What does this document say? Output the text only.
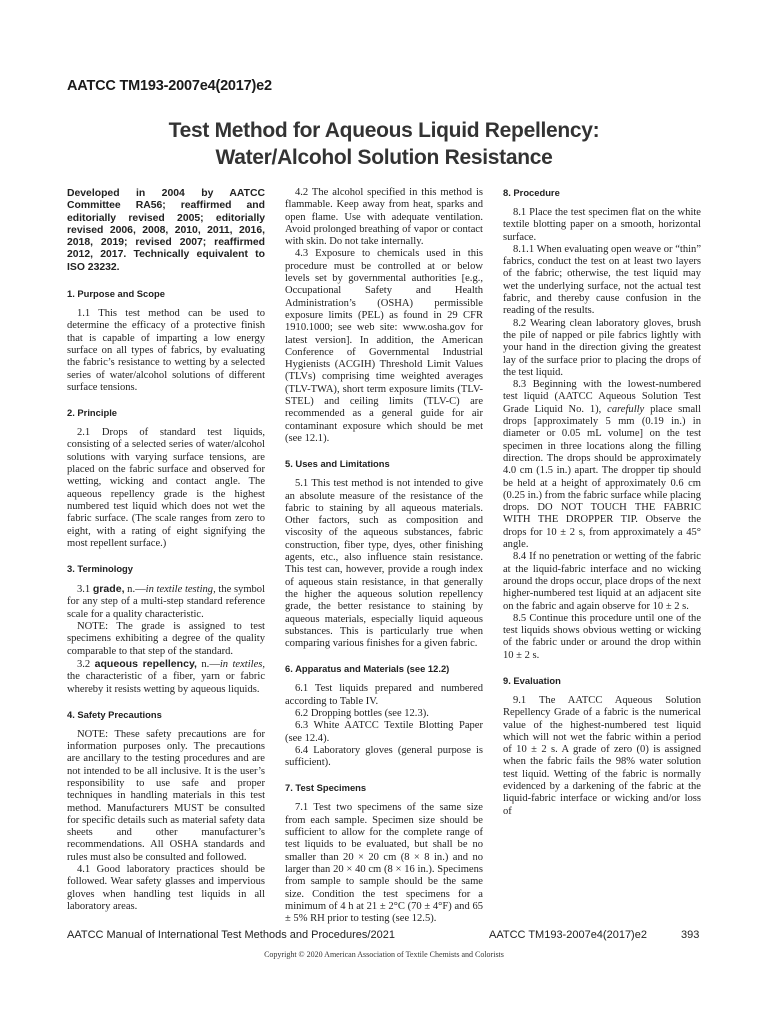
AATCC TM193-2007e4(2017)e2
Test Method for Aqueous Liquid Repellency:
Water/Alcohol Solution Resistance
Developed in 2004 by AATCC Committee RA56; reaffirmed and editorially revised 2005; editorially revised 2006, 2008, 2010, 2011, 2016, 2018, 2019; revised 2007; reaffirmed 2012, 2017. Technically equivalent to ISO 23232.
1. Purpose and Scope

1.1 This test method can be used to determine the efficacy of a protective finish that is capable of imparting a low energy surface on all types of fabrics, by evaluating the fabric’s resistance to wetting by a selected series of water/alcohol solutions of different surface tensions.

2. Principle

2.1 Drops of standard test liquids, consisting of a selected series of water/alcohol solutions with varying surface tensions, are placed on the fabric surface and observed for wetting, wicking and contact angle. The aqueous repellency grade is the highest numbered test liquid which does not wet the fabric surface. (The scale ranges from zero to eight, with a rating of eight signifying the most repellent surface.)

3. Terminology

3.1 grade, n.—in textile testing, the symbol for any step of a multi-step standard reference scale for a quality characteristic.

NOTE: The grade is assigned to test specimens exhibiting a degree of the quality comparable to that step of the standard.

3.2 aqueous repellency, n.—in textiles, the characteristic of a fiber, yarn or fabric whereby it resists wetting by aqueous liquids.

4. Safety Precautions

NOTE: These safety precautions are for information purposes only. The precautions are ancillary to the testing procedures and are not intended to be all inclusive. It is the user’s responsibility to use safe and proper techniques in handling materials in this test method. Manufacturers MUST be consulted for specific details such as material safety data sheets and other manufacturer’s recommendations. All OSHA standards and rules must also be consulted and followed.

4.1 Good laboratory practices should be followed. Wear safety glasses and impervious gloves when handling test liquids in all laboratory areas.

4.2 The alcohol specified in this method is flammable. Keep away from heat, sparks and open flame. Use with adequate ventilation. Avoid prolonged breathing of vapor or contact with skin. Do not take internally.

4.3 Exposure to chemicals used in this procedure must be controlled at or below levels set by governmental authorities [e.g., Occupational Safety and Health Administration’s (OSHA) permissible exposure limits (PEL) as found in 29 CFR 1910.1000; see web site: www.osha.gov for latest version]. In addition, the American Conference of Governmental Industrial Hygienists (ACGIH) Threshold Limit Values (TLVs) comprising time weighted averages (TLV-TWA), short term exposure limits (TLV-STEL) and ceiling limits (TLV-C) are recommended as a general guide for air contaminant exposure which should be met (see 12.1).

5. Uses and Limitations

5.1 This test method is not intended to give an absolute measure of the resistance of the fabric to staining by all aqueous materials. Other factors, such as composition and viscosity of the aqueous substances, fabric construction, fiber type, dyes, other finishing agents, etc., also influence stain resistance. This test can, however, provide a rough index of aqueous stain resistance, in that generally the higher the aqueous solution repellency grade, the better resistance to staining by aqueous materials, especially liquid aqueous substances. This is particularly true when comparing various finishes for a given fabric.

6. Apparatus and Materials (see 12.2)

6.1 Test liquids prepared and numbered according to Table IV.

6.2 Dropping bottles (see 12.3).

6.3 White AATCC Textile Blotting Paper (see 12.4).

6.4 Laboratory gloves (general purpose is sufficient).

7. Test Specimens

7.1 Test two specimens of the same size from each sample. Specimen size should be sufficient to allow for the complete range of test liquids to be evaluated, but shall be no smaller than 20 × 20 cm (8 × 8 in.) and no larger than 20 × 40 cm (8 × 16 in.). Specimens from sample to sample should be the same size. Condition the test specimens for a minimum of 4 h at 21 ± 2°C (70 ± 4°F) and 65 ± 5% RH prior to testing (see 12.5).

8. Procedure

8.1 Place the test specimen flat on the white textile blotting paper on a smooth, horizontal surface.

8.1.1 When evaluating open weave or “thin” fabrics, conduct the test on at least two layers of the fabric; otherwise, the test liquid may wet the underlying surface, not the actual test fabric, and thereby cause confusion in the reading of the results.

8.2 Wearing clean laboratory gloves, brush the pile of napped or pile fabrics lightly with your hand in the direction giving the greatest lay of the surface prior to placing the drops of the test liquid.

8.3 Beginning with the lowest-numbered test liquid (AATCC Aqueous Solution Test Grade Liquid No. 1), carefully place small drops [approximately 5 mm (0.19 in.) in diameter or 0.05 mL volume] on the test specimen in three locations along the filling direction. The drops should be approximately 4.0 cm (1.5 in.) apart. The dropper tip should be held at a height of approximately 0.6 cm (0.25 in.) from the fabric surface while placing drops. DO NOT TOUCH THE FABRIC WITH THE DROPPER TIP. Observe the drops for 10 ± 2 s, from approximately a 45° angle.

8.4 If no penetration or wetting of the fabric at the liquid-fabric interface and no wicking around the drops occur, place drops of the next higher-numbered test liquid at an adjacent site on the fabric and again observe for 10 ± 2 s.

8.5 Continue this procedure until one of the test liquids shows obvious wetting or wicking of the fabric under or around the drop within 10 ± 2 s.

9. Evaluation

9.1 The AATCC Aqueous Solution Repellency Grade of a fabric is the numerical value of the highest-numbered test liquid which will not wet the fabric within a period of 10 ± 2 s. A grade of zero (0) is assigned when the fabric fails the 98% water solution test liquid. Wetting of the fabric is normally evidenced by a darkening of the fabric at the liquid-fabric interface or wicking and/or loss of

AATCC Manual of International Test Methods and Procedures/2021	AATCC TM193-2007e4(2017)e2	393
Copyright © 2020 American Association of Textile Chemists and Colorists
